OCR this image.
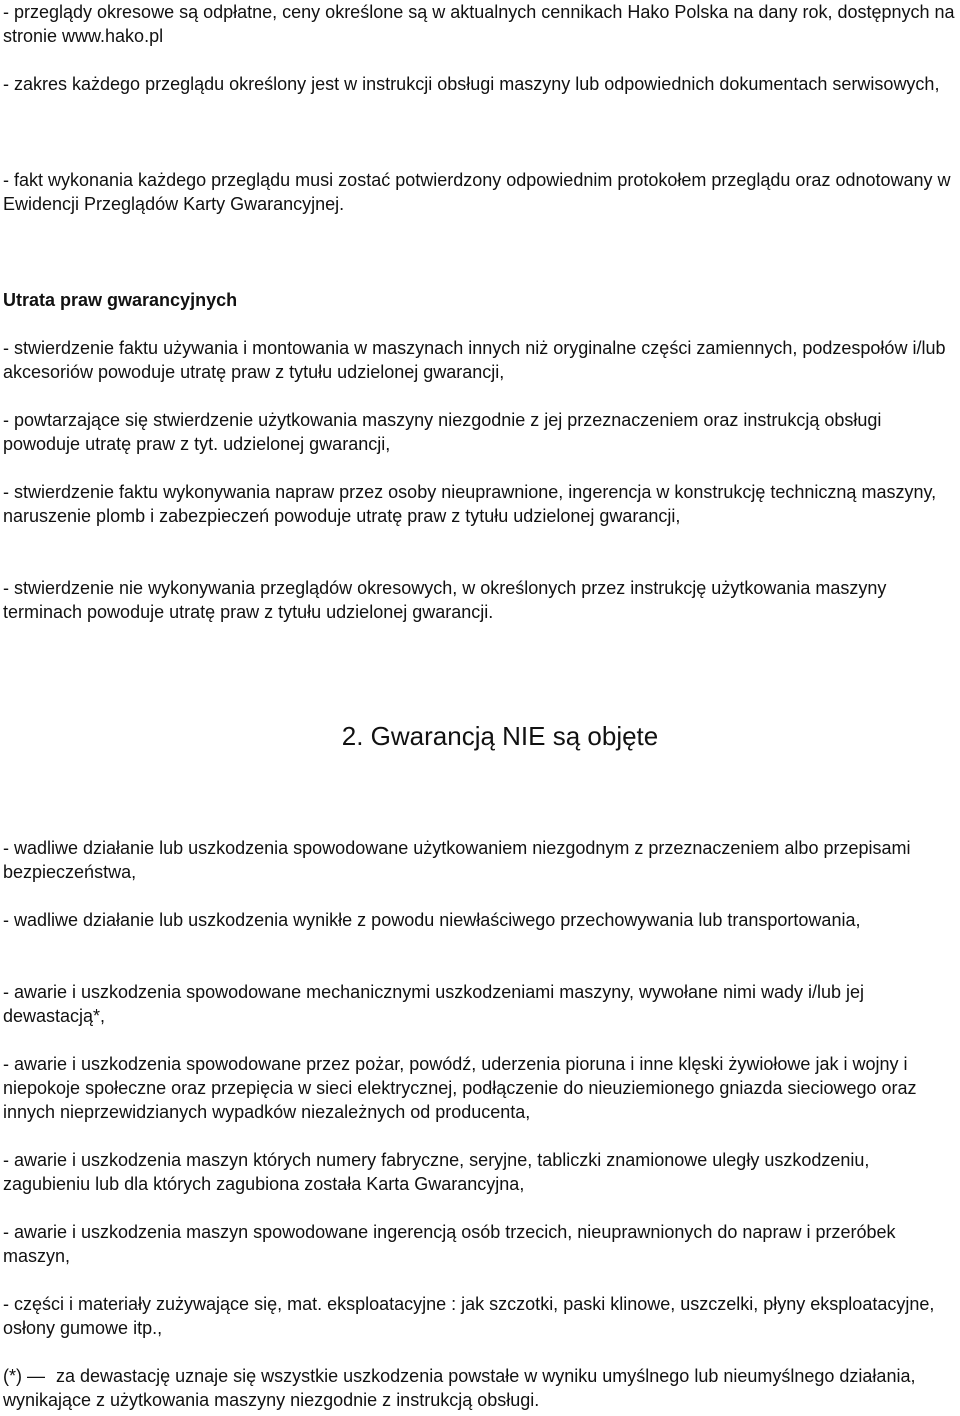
- przeglądy okresowe są odpłatne, ceny określone są w aktualnych cennikach Hako Polska na dany rok, dostępnych na stronie www.hako.pl

- zakres każdego przeglądu określony jest w instrukcji obsługi maszyny lub odpowiednich dokumentach serwisowych,

- fakt wykonania każdego przeglądu musi zostać potwierdzony odpowiednim protokołem przeglądu oraz odnotowany w Ewidencji Przeglądów Karty Gwarancyjnej.

Utrata praw gwarancyjnych

- stwierdzenie faktu używania i montowania w maszynach innych niż oryginalne części zamiennych, podzespołów i/lub akcesoriów powoduje utratę praw z tytułu udzielonej gwarancji,

- powtarzające się stwierdzenie użytkowania maszyny niezgodnie z jej przeznaczeniem oraz instrukcją obsługi powoduje utratę praw z tyt. udzielonej gwarancji,

- stwierdzenie faktu wykonywania napraw przez osoby nieuprawnione, ingerencja w konstrukcję techniczną maszyny, naruszenie plomb i zabezpieczeń powoduje utratę praw z tytułu udzielonej gwarancji,

- stwierdzenie nie wykonywania przeglądów okresowych, w określonych przez instrukcję użytkowania maszyny terminach powoduje utratę praw z tytułu udzielonej gwarancji.

2. Gwarancją NIE są objęte

- wadliwe działanie lub uszkodzenia spowodowane użytkowaniem niezgodnym z przeznaczeniem albo przepisami bezpieczeństwa,

- wadliwe działanie lub uszkodzenia wynikłe z powodu niewłaściwego przechowywania lub transportowania,

- awarie i uszkodzenia spowodowane mechanicznymi uszkodzeniami maszyny, wywołane nimi wady i/lub jej dewastacją*,

- awarie i uszkodzenia spowodowane przez pożar, powódź, uderzenia pioruna i inne klęski żywiołowe jak i wojny i niepokoje społeczne oraz przepięcia w sieci elektrycznej, podłączenie do nieuziemionego gniazda sieciowego oraz innych nieprzewidzianych wypadków niezależnych od producenta,

- awarie i uszkodzenia maszyn których numery fabryczne, seryjne, tabliczki znamionowe uległy uszkodzeniu, zagubieniu lub dla których zagubiona została Karta Gwarancyjna,

- awarie i uszkodzenia maszyn spowodowane ingerencją osób trzecich, nieuprawnionych do napraw i przeróbek maszyn,

- części i materiały zużywające się, mat. eksploatacyjne : jak szczotki, paski klinowe, uszczelki, płyny eksploatacyjne, osłony gumowe itp.,

(*) — za dewastację uznaje się wszystkie uszkodzenia powstałe w wyniku umyślnego lub nieumyślnego działania, wynikające z użytkowania maszyny niezgodnie z instrukcją obsługi.
